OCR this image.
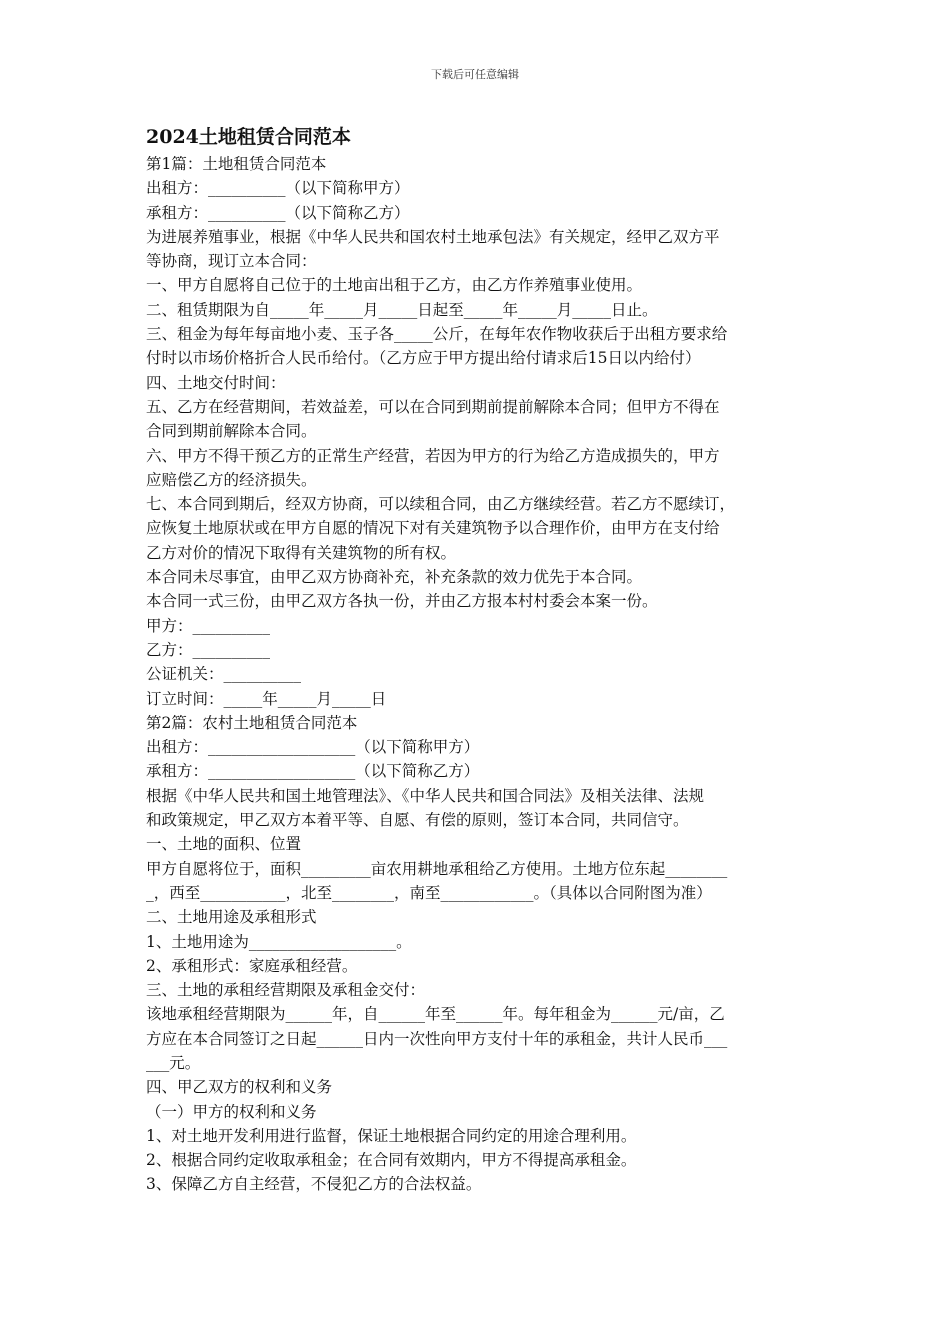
下载后可任意编辑
2024土地租赁合同范本

第1篇：土地租赁合同范本

出租方：__________（以下简称甲方）

承租方：__________（以下简称乙方）

为进展养殖事业，根据《中华人民共和国农村土地承包法》有关规定，经甲乙双方平

等协商，现订立本合同：

一、甲方自愿将自己位于的土地亩出租于乙方，由乙方作养殖事业使用。

二、租赁期限为自_____年_____月_____日起至_____年_____月_____日止。

三、租金为每年每亩地小麦、玉子各_____公斤，在每年农作物收获后于出租方要求给

付时以市场价格折合人民币给付。（乙方应于甲方提出给付请求后15日以内给付）

四、土地交付时间：

五、乙方在经营期间，若效益差，可以在合同到期前提前解除本合同；但甲方不得在

合同到期前解除本合同。

六、甲方不得干预乙方的正常生产经营，若因为甲方的行为给乙方造成损失的，甲方

应赔偿乙方的经济损失。

七、本合同到期后，经双方协商，可以续租合同，由乙方继续经营。若乙方不愿续订，

应恢复土地原状或在甲方自愿的情况下对有关建筑物予以合理作价，由甲方在支付给

乙方对价的情况下取得有关建筑物的所有权。

本合同未尽事宜，由甲乙双方协商补充，补充条款的效力优先于本合同。

本合同一式三份，由甲乙双方各执一份，并由乙方报本村村委会本案一份。

甲方：__________

乙方：__________

公证机关：__________

订立时间：_____年_____月_____日

第2篇：农村土地租赁合同范本

出租方：___________________（以下简称甲方）

承租方：___________________（以下简称乙方）

根据《中华人民共和国土地管理法》、《中华人民共和国合同法》及相关法律、法规

和政策规定，甲乙双方本着平等、自愿、有偿的原则，签订本合同，共同信守。

一、土地的面积、位置

甲方自愿将位于，面积_________亩农用耕地承租给乙方使用。土地方位东起________

_，西至___________，北至________，南至____________。（具体以合同附图为准）

二、土地用途及承租形式

1、土地用途为___________________。

2、承租形式：家庭承租经营。

三、土地的承租经营期限及承租金交付：

该地承租经营期限为______年，自______年至______年。每年租金为______元/亩，乙

方应在本合同签订之日起______日内一次性向甲方支付十年的承租金，共计人民币___

___元。

四、甲乙双方的权利和义务

（一）甲方的权利和义务

1、对土地开发利用进行监督，保证土地根据合同约定的用途合理利用。

2、根据合同约定收取承租金；在合同有效期内，甲方不得提高承租金。

3、保障乙方自主经营，不侵犯乙方的合法权益。
